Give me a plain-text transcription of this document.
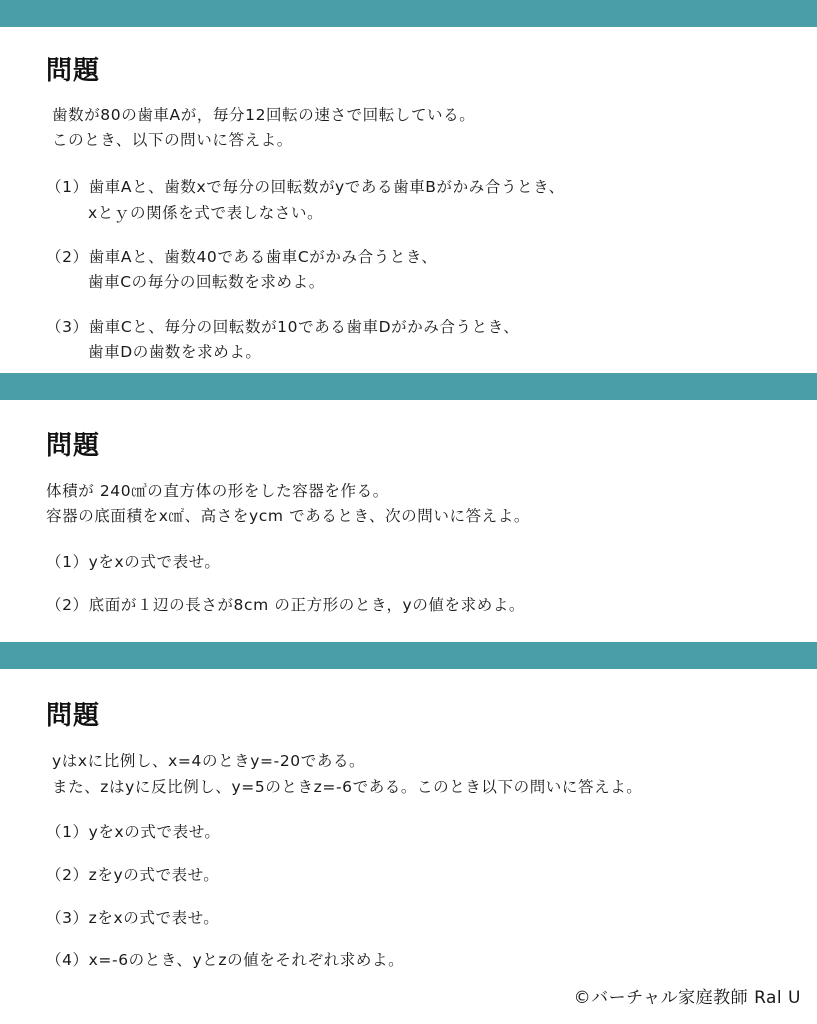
問題
歯数が80の歯車Aが，毎分12回転の速さで回転している。
このとき、以下の問いに答えよ。
（1）歯車Aと、歯数xで毎分の回転数がyである歯車Bがかみ合うとき、
xとｙの関係を式で表しなさい。
（2）歯車Aと、歯数40である歯車Cがかみ合うとき、
歯車Cの毎分の回転数を求めよ。
（3）歯車Cと、毎分の回転数が10である歯車Dがかみ合うとき、
歯車Dの歯数を求めよ。
問題
体積が 240㎤の直方体の形をした容器を作る。
容器の底面積をx㎠、高さをycm であるとき、次の問いに答えよ。
（1）yをxの式で表せ。
（2）底面が１辺の長さが8cm の正方形のとき，yの値を求めよ。
問題
yはxに比例し、x=4のときy=-20である。
また、zはyに反比例し、y=5のときz=-6である。このとき以下の問いに答えよ。
（1）yをxの式で表せ。
（2）zをyの式で表せ。
（3）zをxの式で表せ。
（4）x=-6のとき、yとzの値をそれぞれ求めよ。
©バーチャル家庭教師 Ral U
